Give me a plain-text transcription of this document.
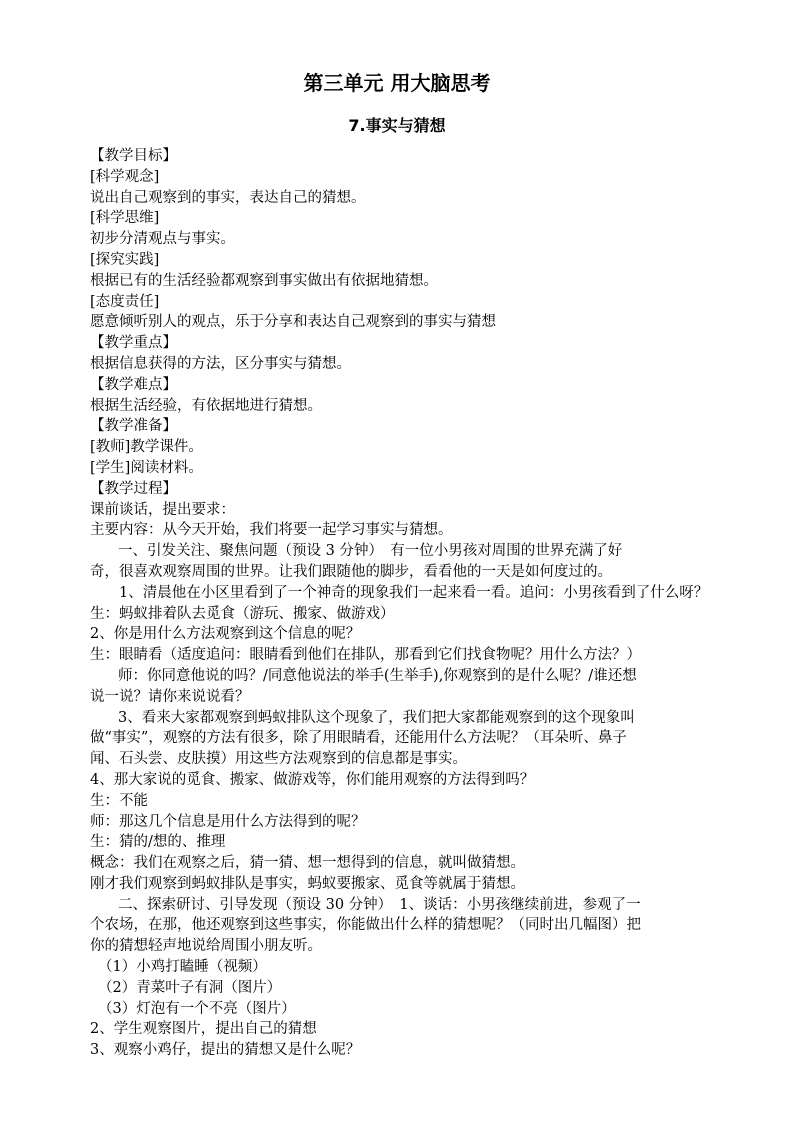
第三单元 用大脑思考
7.事实与猜想
【教学目标】
[科学观念]
说出自己观察到的事实，表达自己的猜想。
[科学思维]
初步分清观点与事实。
[探究实践]
根据已有的生活经验都观察到事实做出有依据地猜想。
[态度责任]
愿意倾听别人的观点，乐于分享和表达自己观察到的事实与猜想
【教学重点】
根据信息获得的方法，区分事实与猜想。
【教学难点】
根据生活经验，有依据地进行猜想。
【教学准备】
[教师]教学课件。
[学生]阅读材料。
【教学过程】
课前谈话，提出要求：
主要内容：从今天开始，我们将要一起学习事实与猜想。
一、引发关注、聚焦问题（预设 3 分钟）　有一位小男孩对周围的世界充满了好奇，很喜欢观察周围的世界。让我们跟随他的脚步，看看他的一天是如何度过的。
1、清晨他在小区里看到了一个神奇的现象我们一起来看一看。追问：小男孩看到了什么呀？
生：蚂蚁排着队去觅食（游玩、搬家、做游戏）
2、你是用什么方法观察到这个信息的呢？
生：眼睛看（适度追问：眼睛看到他们在排队，那看到它们找食物呢？用什么方法？）
师：你同意他说的吗？/同意他说法的举手(生举手),你观察到的是什么呢？/谁还想说一说？请你来说说看？
3、看来大家都观察到蚂蚁排队这个现象了，我们把大家都能观察到的这个现象叫做“事实”，观察的方法有很多，除了用眼睛看，还能用什么方法呢？（耳朵听、鼻子闻、石头尝、皮肤摸）用这些方法观察到的信息都是事实。
4、那大家说的觅食、搬家、做游戏等，你们能用观察的方法得到吗？
生：不能
师：那这几个信息是用什么方法得到的呢？
生：猜的/想的、推理
概念：我们在观察之后，猜一猜、想一想得到的信息，就叫做猜想。
刚才我们观察到蚂蚁排队是事实，蚂蚁要搬家、觅食等就属于猜想。
二、探索研讨、引导发现（预设 30 分钟）　1、谈话：小男孩继续前进，参观了一个农场，在那，他还观察到这些事实，你能做出什么样的猜想呢？（同时出几幅图）把你的猜想轻声地说给周围小朋友听。
（1）小鸡打瞌睡（视频）
（2）青菜叶子有洞（图片）
（3）灯泡有一个不亮（图片）
2、学生观察图片，提出自己的猜想
3、观察小鸡仔，提出的猜想又是什么呢？
